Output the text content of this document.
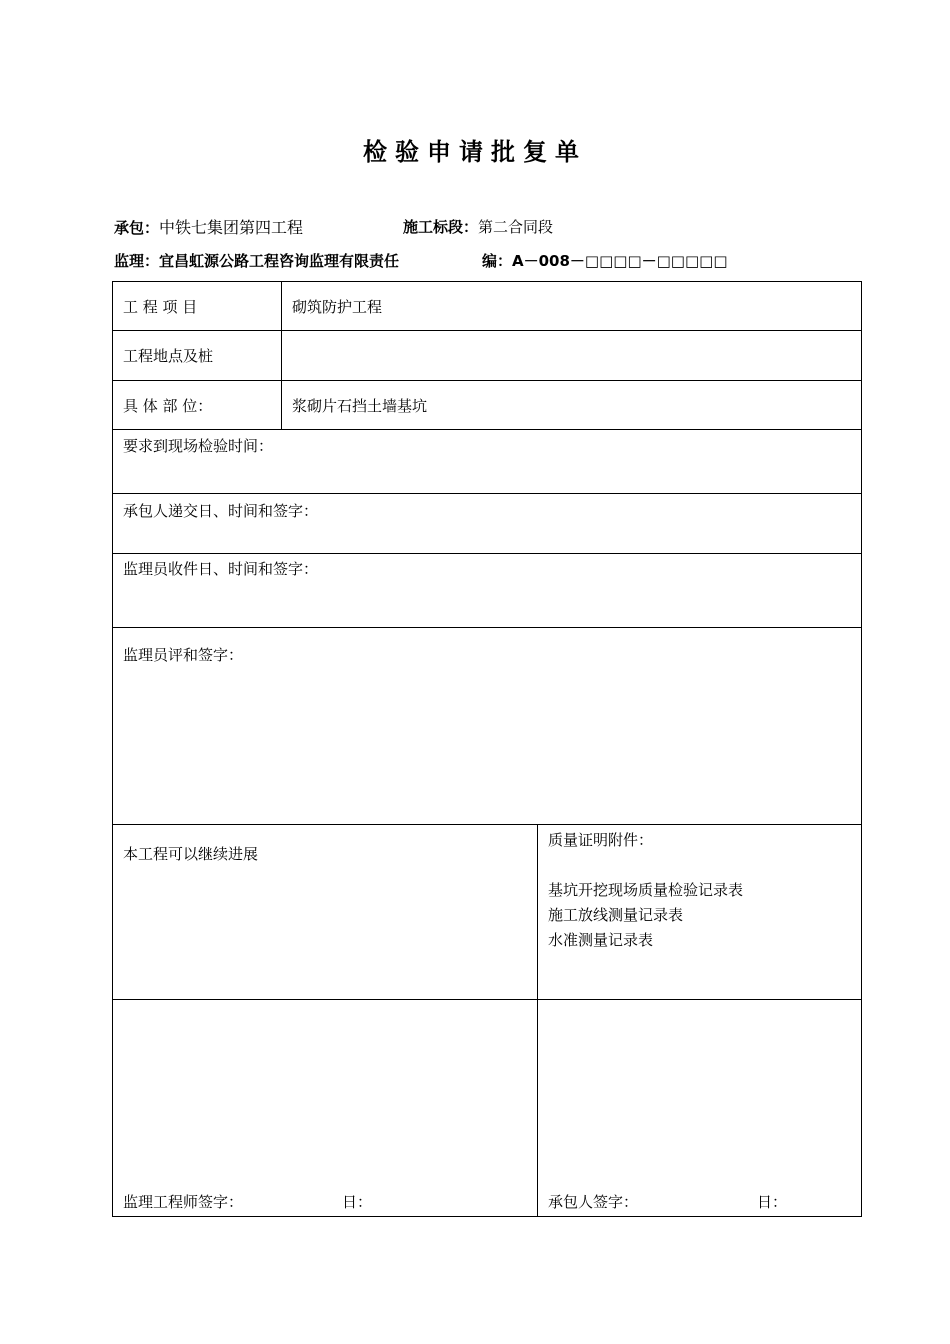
检验申请批复单
承包：中铁七集团第四工程	施工标段：第二合同段
监理：宜昌虹源公路工程咨询监理有限责任	编：A－008－□□□□－□□□□□
工 程 项 目	砌筑防护工程	
工程地点及桩		
具 体 部 位：	浆砌片石挡土墙基坑	
要求到现场检验时间：		
承包人递交日、时间和签字：		
监理员收件日、时间和签字：		
监理员评和签字：		
本工程可以继续进展		质量证明附件：
基坑开挖现场质量检验记录表
施工放线测量记录表
水准测量记录表

监理工程师签字： 日：		承包人签字： 日：
